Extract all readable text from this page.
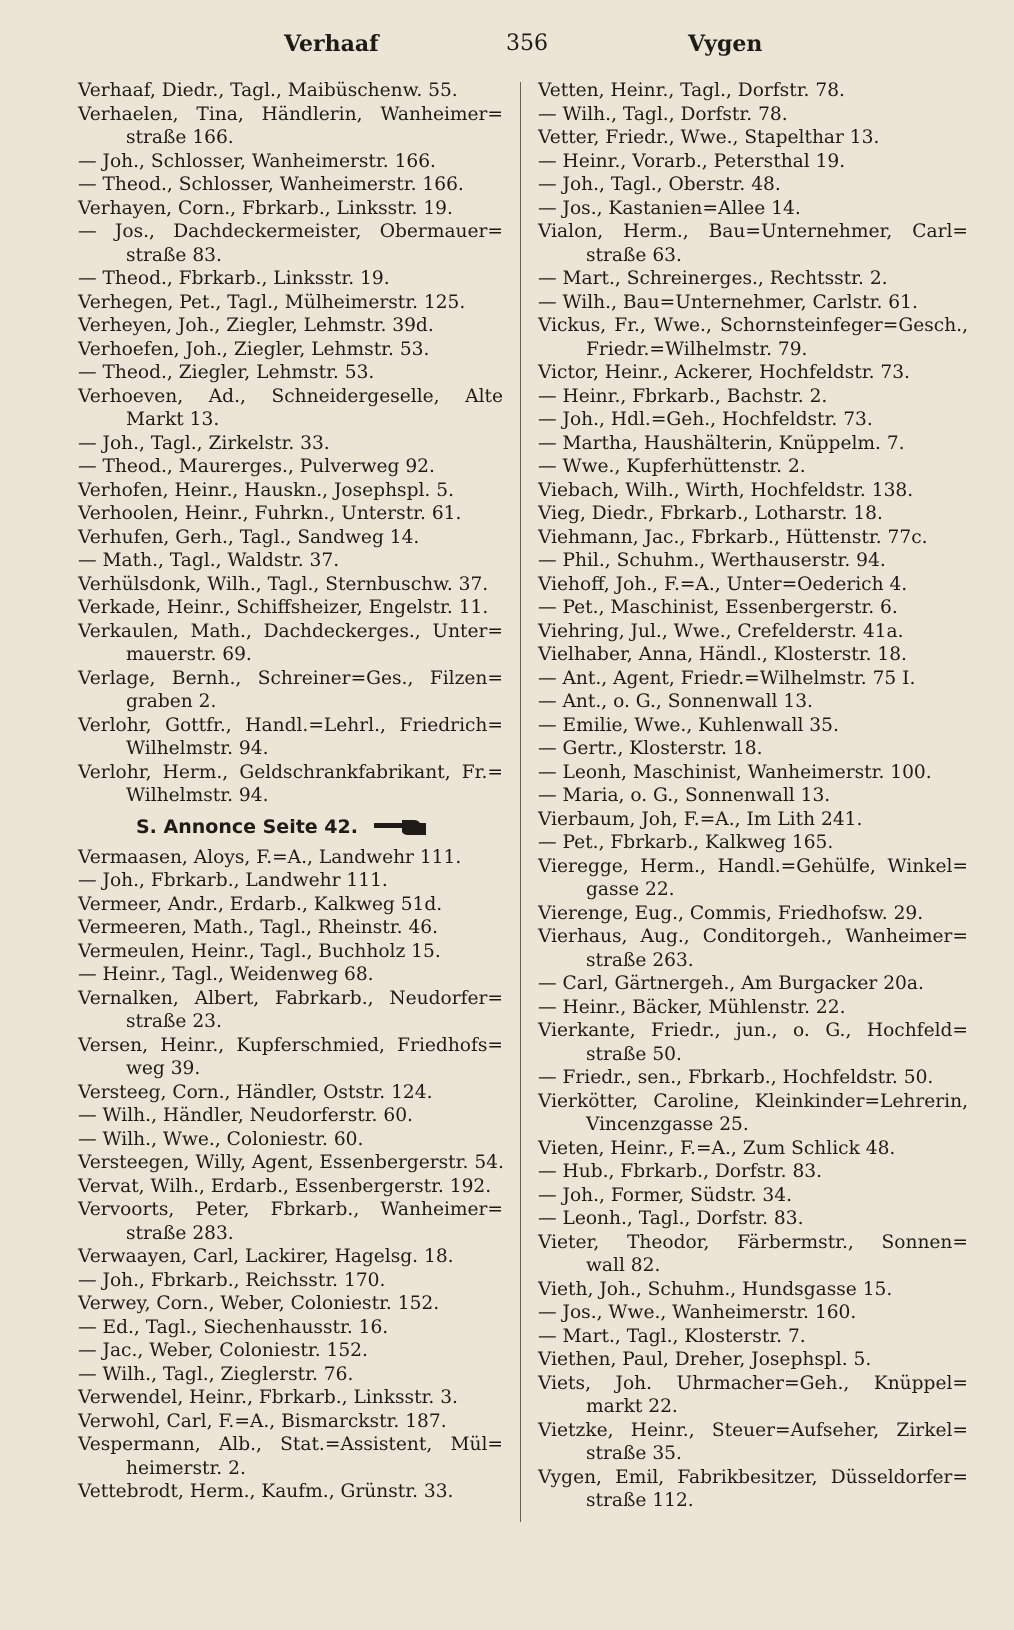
Verhaaf	356	Vygen
Verhaaf, Diedr., Tagl., Maibüschenw. 55.
Verhaelen, Tina, Händlerin, Wanheimer=
straße 166.
— Joh., Schlosser, Wanheimerstr. 166.
— Theod., Schlosser, Wanheimerstr. 166.
Verhayen, Corn., Fbrkarb., Linksstr. 19.
— Jos., Dachdeckermeister, Obermauer=
straße 83.
— Theod., Fbrkarb., Linksstr. 19.
Verhegen, Pet., Tagl., Mülheimerstr. 125.
Verheyen, Joh., Ziegler, Lehmstr. 39d.
Verhoefen, Joh., Ziegler, Lehmstr. 53.
— Theod., Ziegler, Lehmstr. 53.
Verhoeven, Ad., Schneidergeselle, Alte
Markt 13.
— Joh., Tagl., Zirkelstr. 33.
— Theod., Maurerges., Pulverweg 92.
Verhofen, Heinr., Hauskn., Josephspl. 5.
Verhoolen, Heinr., Fuhrkn., Unterstr. 61.
Verhufen, Gerh., Tagl., Sandweg 14.
— Math., Tagl., Waldstr. 37.
Verhülsdonk, Wilh., Tagl., Sternbuschw. 37.
Verkade, Heinr., Schiffsheizer, Engelstr. 11.
Verkaulen, Math., Dachdeckerges., Unter=
mauerstr. 69.
Verlage, Bernh., Schreiner=Ges., Filzen=
graben 2.
Verlohr, Gottfr., Handl.=Lehrl., Friedrich=
Wilhelmstr. 94.
Verlohr, Herm., Geldschrankfabrikant, Fr.=
Wilhelmstr. 94.
S. Annonce Seite 42.
Vermaasen, Aloys, F.=A., Landwehr 111.
— Joh., Fbrkarb., Landwehr 111.
Vermeer, Andr., Erdarb., Kalkweg 51d.
Vermeeren, Math., Tagl., Rheinstr. 46.
Vermeulen, Heinr., Tagl., Buchholz 15.
— Heinr., Tagl., Weidenweg 68.
Vernalken, Albert, Fabrkarb., Neudorfer=
straße 23.
Versen, Heinr., Kupferschmied, Friedhofs=
weg 39.
Versteeg, Corn., Händler, Oststr. 124.
— Wilh., Händler, Neudorferstr. 60.
— Wilh., Wwe., Coloniestr. 60.
Versteegen, Willy, Agent, Essenbergerstr. 54.
Vervat, Wilh., Erdarb., Essenbergerstr. 192.
Vervoorts, Peter, Fbrkarb., Wanheimer=
straße 283.
Verwaayen, Carl, Lackirer, Hagelsg. 18.
— Joh., Fbrkarb., Reichsstr. 170.
Verwey, Corn., Weber, Coloniestr. 152.
— Ed., Tagl., Siechenhausstr. 16.
— Jac., Weber, Coloniestr. 152.
— Wilh., Tagl., Zieglerstr. 76.
Verwendel, Heinr., Fbrkarb., Linksstr. 3.
Verwohl, Carl, F.=A., Bismarckstr. 187.
Vespermann, Alb., Stat.=Assistent, Mül=
heimerstr. 2.
Vettebrodt, Herm., Kaufm., Grünstr. 33.
Vetten, Heinr., Tagl., Dorfstr. 78.
— Wilh., Tagl., Dorfstr. 78.
Vetter, Friedr., Wwe., Stapelthar 13.
— Heinr., Vorarb., Petersthal 19.
— Joh., Tagl., Oberstr. 48.
— Jos., Kastanien=Allee 14.
Vialon, Herm., Bau=Unternehmer, Carl=
straße 63.
— Mart., Schreinerges., Rechtsstr. 2.
— Wilh., Bau=Unternehmer, Carlstr. 61.
Vickus, Fr., Wwe., Schornsteinfeger=Gesch.,
Friedr.=Wilhelmstr. 79.
Victor, Heinr., Ackerer, Hochfeldstr. 73.
— Heinr., Fbrkarb., Bachstr. 2.
— Joh., Hdl.=Geh., Hochfeldstr. 73.
— Martha, Haushälterin, Knüppelm. 7.
— Wwe., Kupferhüttenstr. 2.
Viebach, Wilh., Wirth, Hochfeldstr. 138.
Vieg, Diedr., Fbrkarb., Lotharstr. 18.
Viehmann, Jac., Fbrkarb., Hüttenstr. 77c.
— Phil., Schuhm., Werthauserstr. 94.
Viehoff, Joh., F.=A., Unter=Oederich 4.
— Pet., Maschinist, Essenbergerstr. 6.
Viehring, Jul., Wwe., Crefelderstr. 41a.
Vielhaber, Anna, Händl., Klosterstr. 18.
— Ant., Agent, Friedr.=Wilhelmstr. 75 I.
— Ant., o. G., Sonnenwall 13.
— Emilie, Wwe., Kuhlenwall 35.
— Gertr., Klosterstr. 18.
— Leonh, Maschinist, Wanheimerstr. 100.
— Maria, o. G., Sonnenwall 13.
Vierbaum, Joh, F.=A., Im Lith 241.
— Pet., Fbrkarb., Kalkweg 165.
Vieregge, Herm., Handl.=Gehülfe, Winkel=
gasse 22.
Vierenge, Eug., Commis, Friedhofsw. 29.
Vierhaus, Aug., Conditorgeh., Wanheimer=
straße 263.
— Carl, Gärtnergeh., Am Burgacker 20a.
— Heinr., Bäcker, Mühlenstr. 22.
Vierkante, Friedr., jun., o. G., Hochfeld=
straße 50.
— Friedr., sen., Fbrkarb., Hochfeldstr. 50.
Vierkötter, Caroline, Kleinkinder=Lehrerin,
Vincenzgasse 25.
Vieten, Heinr., F.=A., Zum Schlick 48.
— Hub., Fbrkarb., Dorfstr. 83.
— Joh., Former, Südstr. 34.
— Leonh., Tagl., Dorfstr. 83.
Vieter, Theodor, Färbermstr., Sonnen=
wall 82.
Vieth, Joh., Schuhm., Hundsgasse 15.
— Jos., Wwe., Wanheimerstr. 160.
— Mart., Tagl., Klosterstr. 7.
Viethen, Paul, Dreher, Josephspl. 5.
Viets, Joh. Uhrmacher=Geh., Knüppel=
markt 22.
Vietzke, Heinr., Steuer=Aufseher, Zirkel=
straße 35.
Vygen, Emil, Fabrikbesitzer, Düsseldorfer=
straße 112.
